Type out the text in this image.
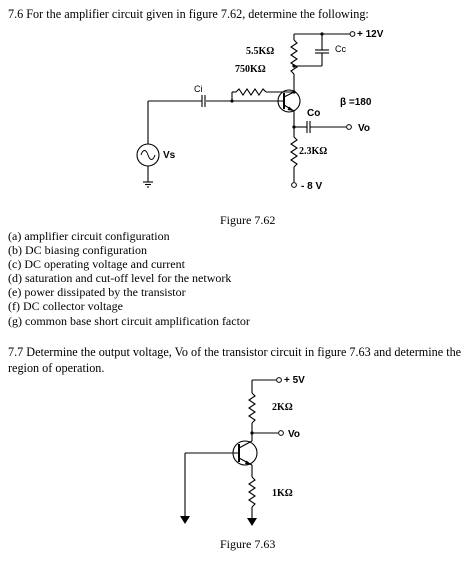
7.6 For the amplifier circuit given in figure 7.62, determine the following:
+ 12V
Cc
5.5KΩ
750KΩ
Ci
Vs
β =180
Co
Vo
2.3KΩ
- 8 V
Figure 7.62
(a) amplifier circuit configuration
(b) DC biasing configuration
(c) DC operating voltage and current
(d) saturation and cut-off level for the network
(e) power dissipated by the transistor
(f) DC collector voltage
(g) common base short circuit amplification factor
7.7 Determine the output voltage, Vo of the transistor circuit in figure 7.63 and determine the region of operation.
+ 5V
2KΩ
Vo
1KΩ
Figure 7.63
